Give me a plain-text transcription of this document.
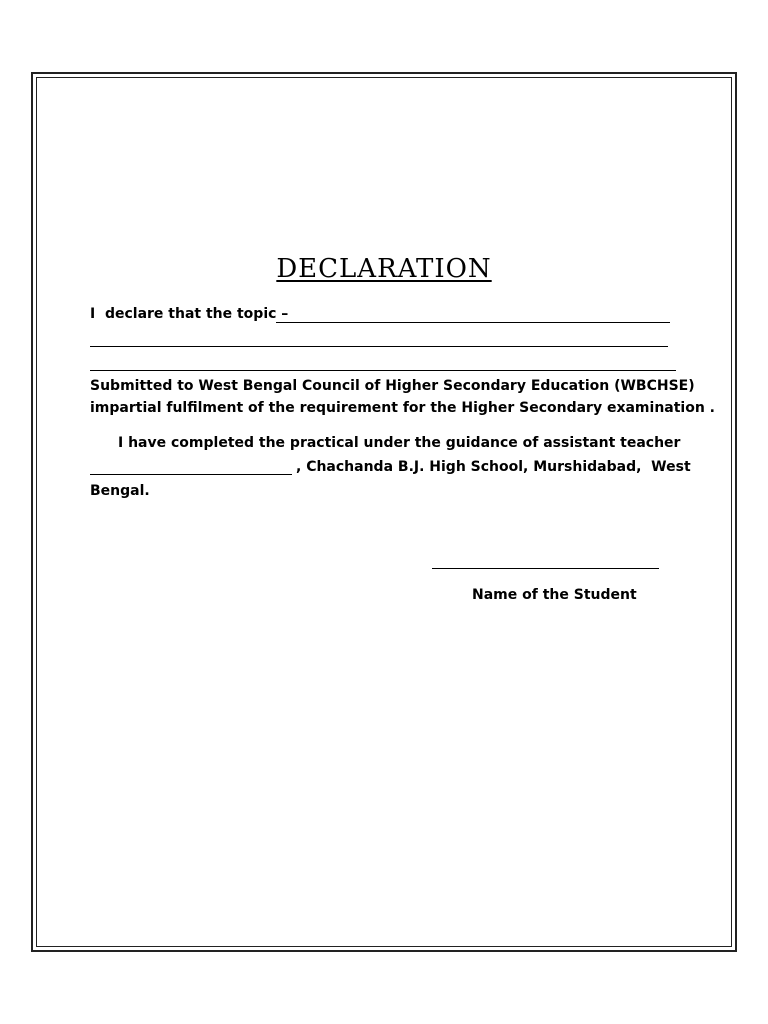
DECLARATION
I  declare that the topic –
Submitted to West Bengal Council of Higher Secondary Education (WBCHSE)
impartial fulfilment of the requirement for the Higher Secondary examination .
I have completed the practical under the guidance of assistant teacher
, Chachanda B.J. High School, Murshidabad,  West
Bengal.
Name of the Student
